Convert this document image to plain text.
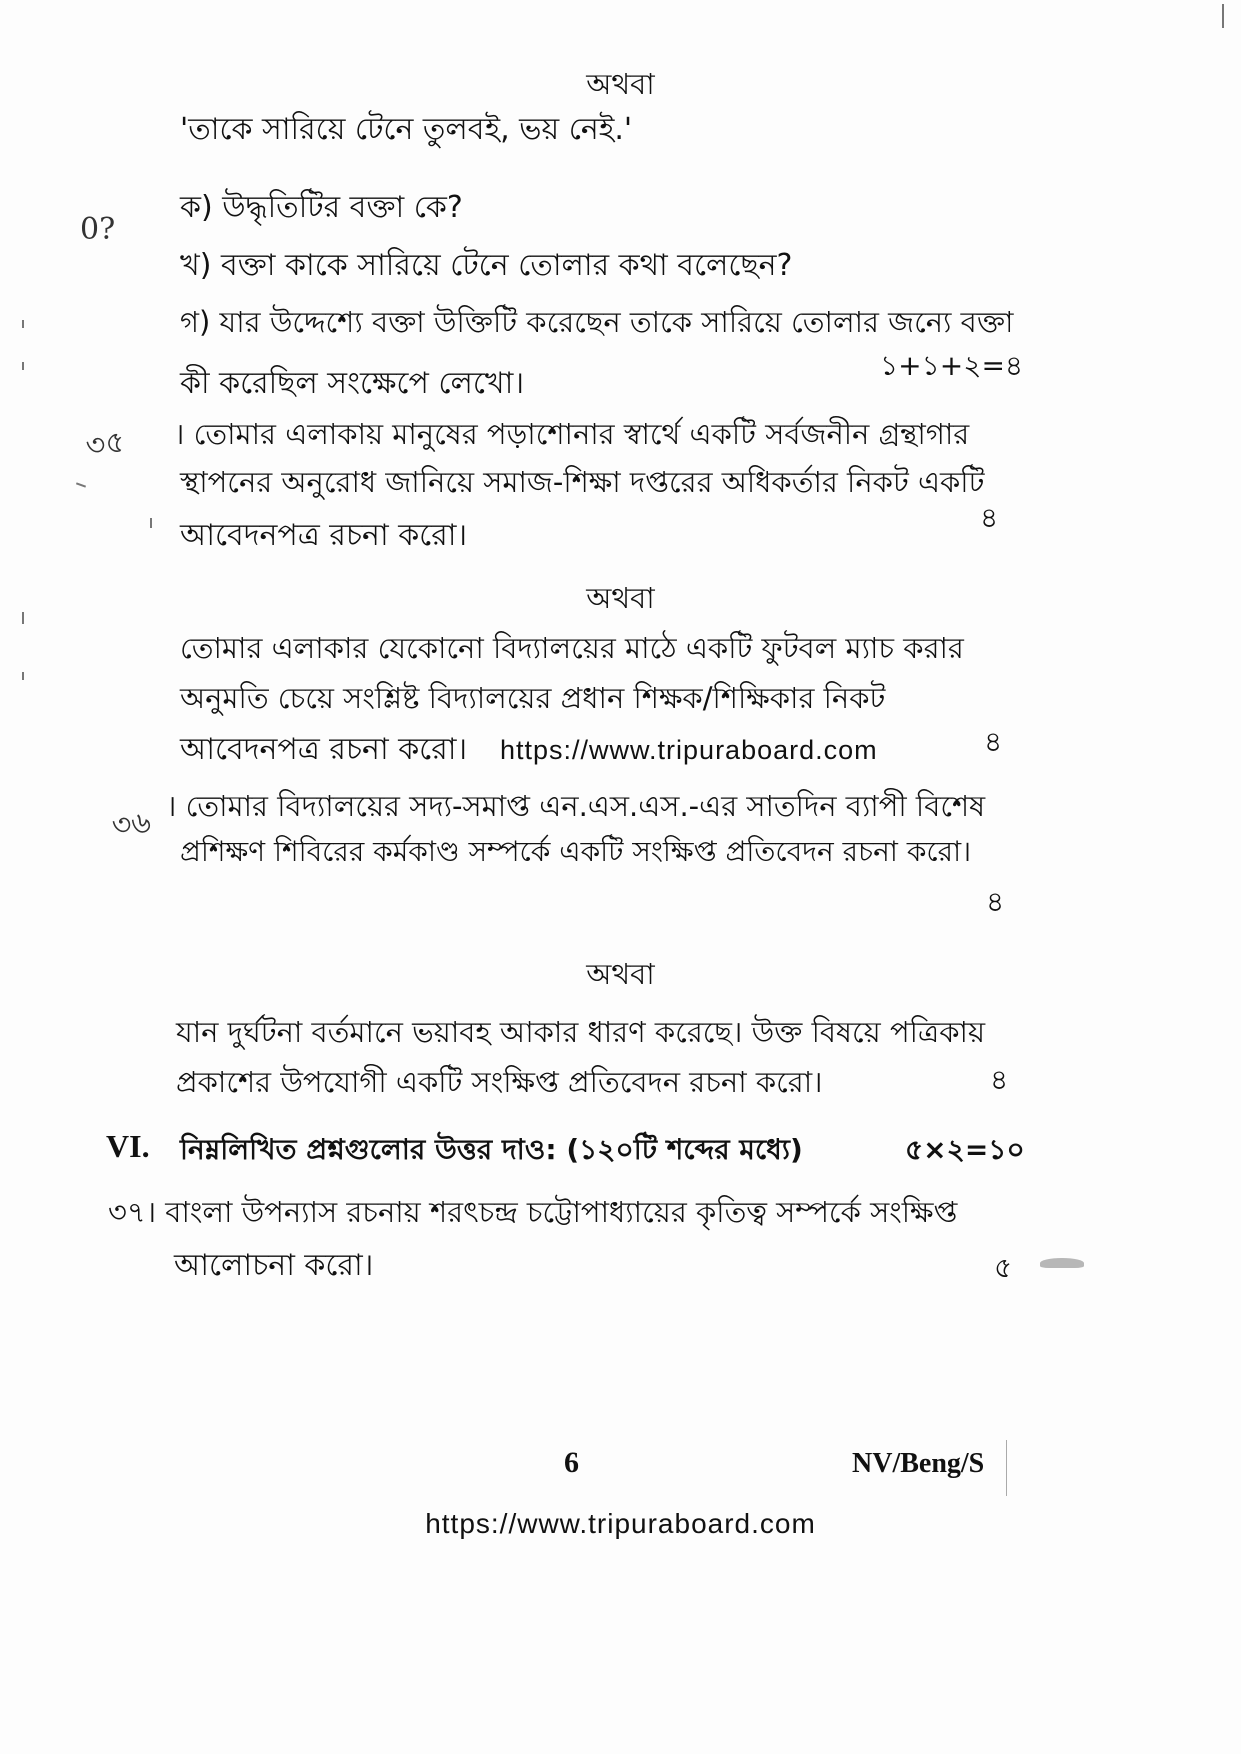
অথবা
'তাকে সারিয়ে টেনে তুলবই, ভয় নেই.'
0?
ক) উদ্ধৃতিটির বক্তা কে?
খ) বক্তা কাকে সারিয়ে টেনে তোলার কথা বলেছেন?
গ) যার উদ্দেশ্যে বক্তা উক্তিটি করেছেন তাকে সারিয়ে তোলার জন্যে বক্তা
কী করেছিল সংক্ষেপে লেখো।
১+১+২=৪
৩৫ । তোমার এলাকায় মানুষের পড়াশোনার স্বার্থে একটি সর্বজনীন গ্রন্থাগার
স্থাপনের অনুরোধ জানিয়ে সমাজ-শিক্ষা দপ্তরের অধিকর্তার নিকট একটি
আবেদনপত্র রচনা করো।
৪
অথবা
তোমার এলাকার যেকোনো বিদ্যালয়ের মাঠে একটি ফুটবল ম্যাচ করার
অনুমতি চেয়ে সংশ্লিষ্ট বিদ্যালয়ের প্রধান শিক্ষক/শিক্ষিকার নিকট
আবেদনপত্র রচনা করো। https://www.tripuraboard.com	৪
৩৬ । তোমার বিদ্যালয়ের সদ্য-সমাপ্ত এন.এস.এস.-এর সাতদিন ব্যাপী বিশেষ
প্রশিক্ষণ শিবিরের কর্মকাণ্ড সম্পর্কে একটি সংক্ষিপ্ত প্রতিবেদন রচনা করো।
৪
অথবা
যান দুর্ঘটনা বর্তমানে ভয়াবহ আকার ধারণ করেছে। উক্ত বিষয়ে পত্রিকায়
প্রকাশের উপযোগী একটি সংক্ষিপ্ত প্রতিবেদন রচনা করো।	৪
VI. নিম্নলিখিত প্রশ্নগুলোর উত্তর দাও: (১২০টি শব্দের মধ্যে)	৫×২=১০
৩৭। বাংলা উপন্যাস রচনায় শরৎচন্দ্র চট্টোপাধ্যায়ের কৃতিত্ব সম্পর্কে সংক্ষিপ্ত
আলোচনা করো।	৫
6	NV/Beng/S
https://www.tripuraboard.com
